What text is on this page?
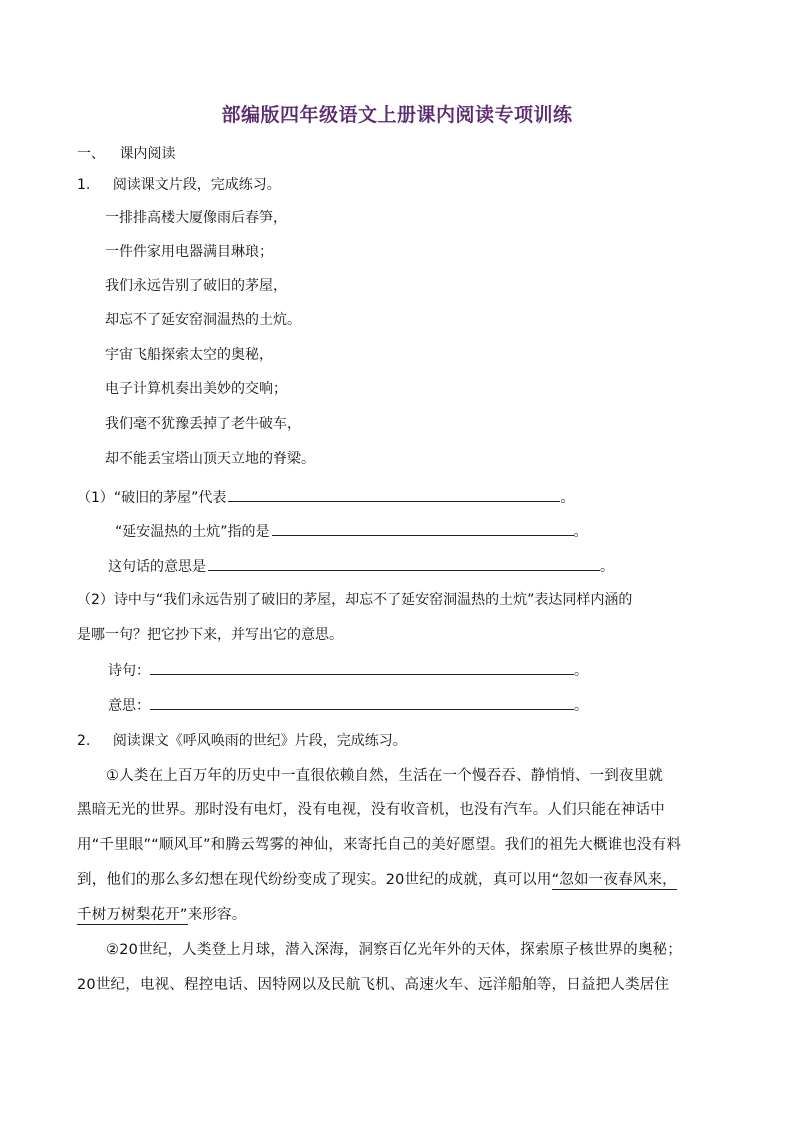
部编版四年级语文上册课内阅读专项训练
一、 课内阅读
1. 阅读课文片段，完成练习。
一排排高楼大厦像雨后春笋，
一件件家用电器满目琳琅；
我们永远告别了破旧的茅屋，
却忘不了延安窑洞温热的土炕。
宇宙飞船探索太空的奥秘，
电子计算机奏出美妙的交响；
我们毫不犹豫丢掉了老牛破车，
却不能丢宝塔山顶天立地的脊梁。
（1）“破旧的茅屋”代表	。
“延安温热的土炕”指的是	。
这句话的意思是	。
（2）诗中与“我们永远告别了破旧的茅屋，却忘不了延安窑洞温热的土炕”表达同样内涵的
是哪一句？把它抄下来，并写出它的意思。
诗句：	。
意思：	。
2. 阅读课文《呼风唤雨的世纪》片段，完成练习。
①人类在上百万年的历史中一直很依赖自然，生活在一个慢吞吞、静悄悄、一到夜里就
黑暗无光的世界。那时没有电灯，没有电视，没有收音机，也没有汽车。人们只能在神话中
用“千里眼”“顺风耳”和腾云驾雾的神仙，来寄托自己的美好愿望。我们的祖先大概谁也没有料
到，他们的那么多幻想在现代纷纷变成了现实。20世纪的成就，真可以用“忽如一夜春风来，
千树万树梨花开”来形容。
②20世纪，人类登上月球，潜入深海，洞察百亿光年外的天体，探索原子核世界的奥秘；
20世纪，电视、程控电话、因特网以及民航飞机、高速火车、远洋船舶等，日益把人类居住
